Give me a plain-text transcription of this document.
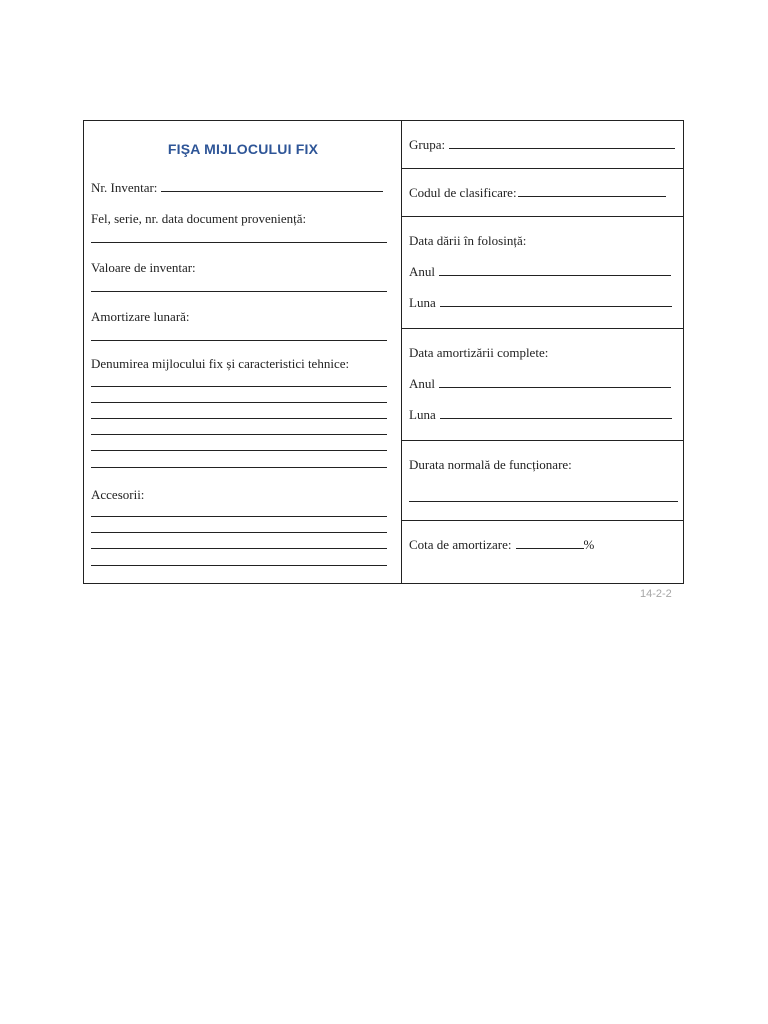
FIŞA MIJLOCULUI FIX
Nr. Inventar:
Fel, serie, nr. data document proveniență:
Valoare de inventar:
Amortizare lunară:
Denumirea mijlocului fix și caracteristici tehnice:
Accesorii:
Grupa:
Codul de clasificare:
Data dării în folosință:
Anul
Luna
Data amortizării complete:
Anul
Luna
Durata normală de funcționare:
Cota de amortizare:	%
14-2-2
